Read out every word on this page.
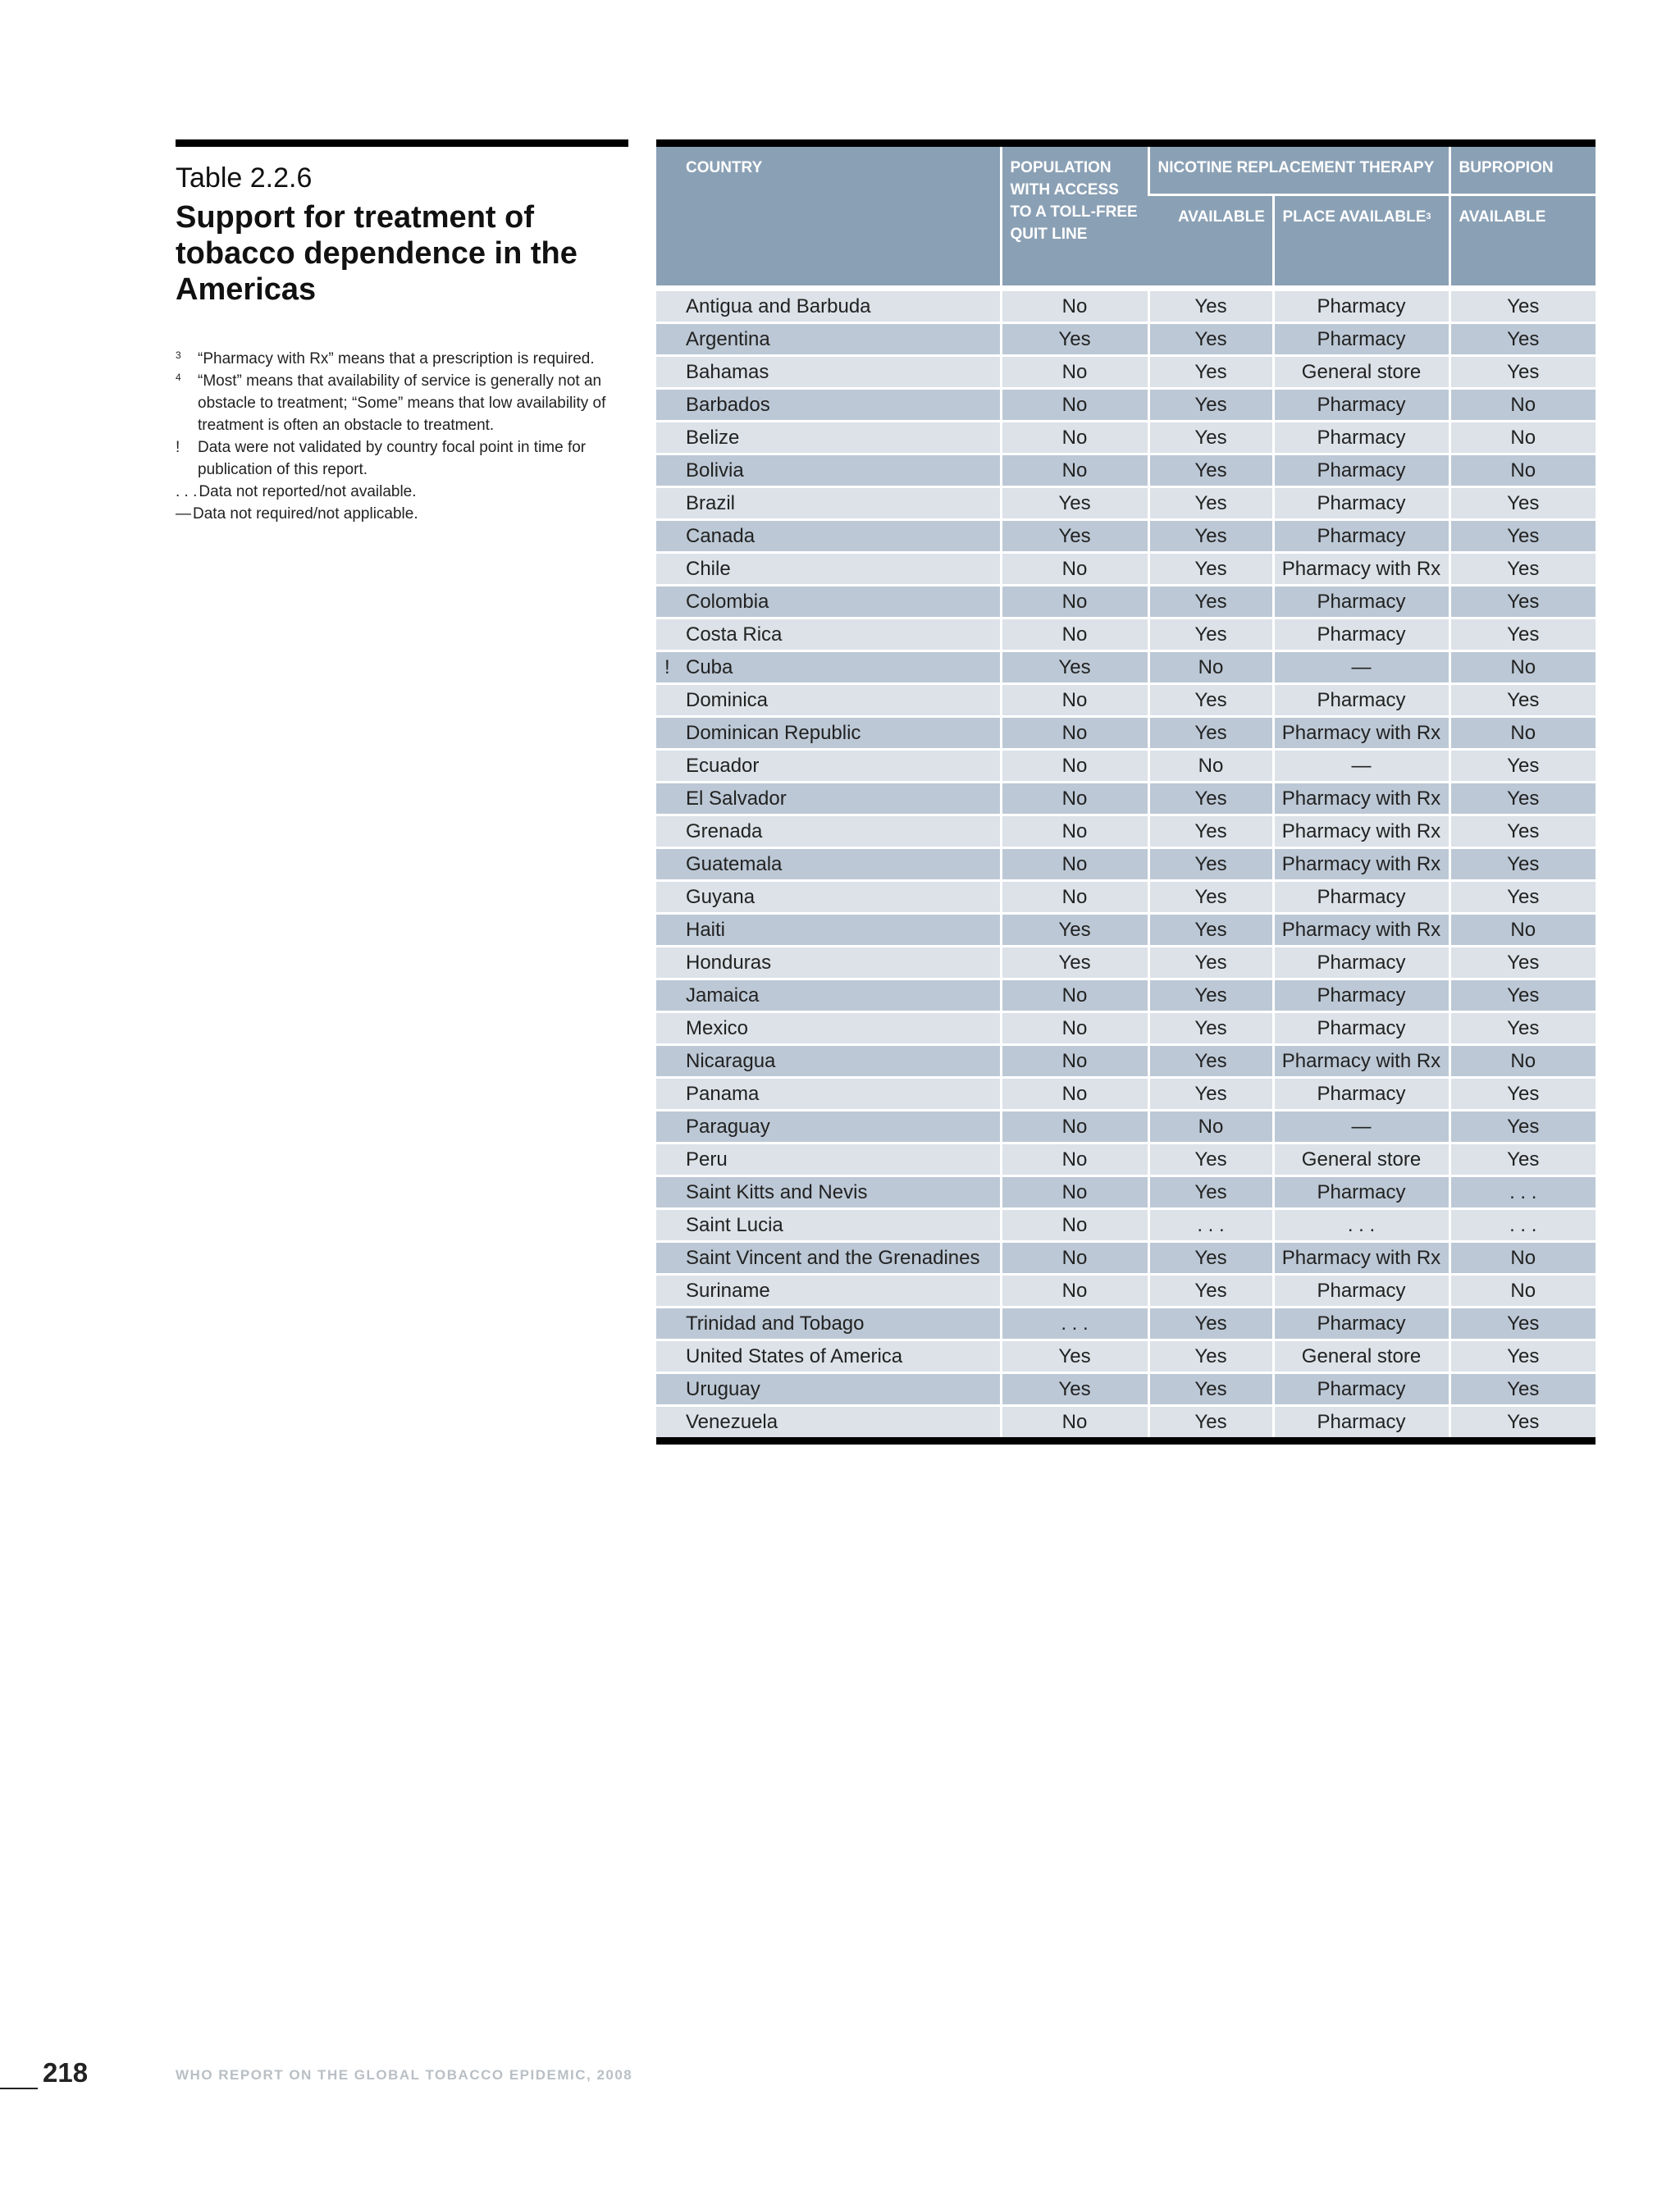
Table 2.2.6
Support for treatment of tobacco dependence in the Americas
3	“Pharmacy with Rx” means that a prescription is required.
4	“Most” means that availability of service is generally not an obstacle to treatment; “Some” means that low availability of treatment is often an obstacle to treatment.
!	Data were not validated by country focal point in time for publication of this report.
. . . Data not reported/not available.
— Data not required/not applicable.
COUNTRY	POPULATION WITH ACCESS TO A TOLL-FREE QUIT LINE	NICOTINE REPLACEMENT THERAPY		BUPROPION
		AVAILABLE	PLACE AVAILABLE$^3$	AVAILABLE

Antigua and Barbuda	No	Yes	Pharmacy	Yes
Argentina	Yes	Yes	Pharmacy	Yes
Bahamas	No	Yes	General store	Yes
Barbados	No	Yes	Pharmacy	No
Belize	No	Yes	Pharmacy	No
Bolivia	No	Yes	Pharmacy	No
Brazil	Yes	Yes	Pharmacy	Yes
Canada	Yes	Yes	Pharmacy	Yes
Chile	No	Yes	Pharmacy with Rx	Yes
Colombia	No	Yes	Pharmacy	Yes
Costa Rica	No	Yes	Pharmacy	Yes

! Cuba	Yes	No	—	No
Dominica	No	Yes	Pharmacy	Yes
Dominican Republic	No	Yes	Pharmacy with Rx	No
Ecuador	No	No	—	Yes
El Salvador	No	Yes	Pharmacy with Rx	Yes
Grenada	No	Yes	Pharmacy with Rx	Yes
Guatemala	No	Yes	Pharmacy with Rx	Yes
Guyana	No	Yes	Pharmacy	Yes
Haiti	Yes	Yes	Pharmacy with Rx	No
Honduras	Yes	Yes	Pharmacy	Yes
Jamaica	No	Yes	Pharmacy	Yes
Mexico	No	Yes	Pharmacy	Yes
Nicaragua	No	Yes	Pharmacy with Rx	No
Panama	No	Yes	Pharmacy	Yes
Paraguay	No	No	—	Yes
Peru	No	Yes	General store	Yes
Saint Kitts and Nevis	No	Yes	Pharmacy	. . .
Saint Lucia	No	. . .	. . .	. . .
Saint Vincent and the Grenadines	No	Yes	Pharmacy with Rx	No
Suriname	No	Yes	Pharmacy	No
Trinidad and Tobago	. . .	Yes	Pharmacy	Yes
United States of America	Yes	Yes	General store	Yes
Uruguay	Yes	Yes	Pharmacy	Yes
Venezuela	No	Yes	Pharmacy	Yes
218	WHO REPORT ON THE GLOBAL TOBACCO EPIDEMIC, 2008
